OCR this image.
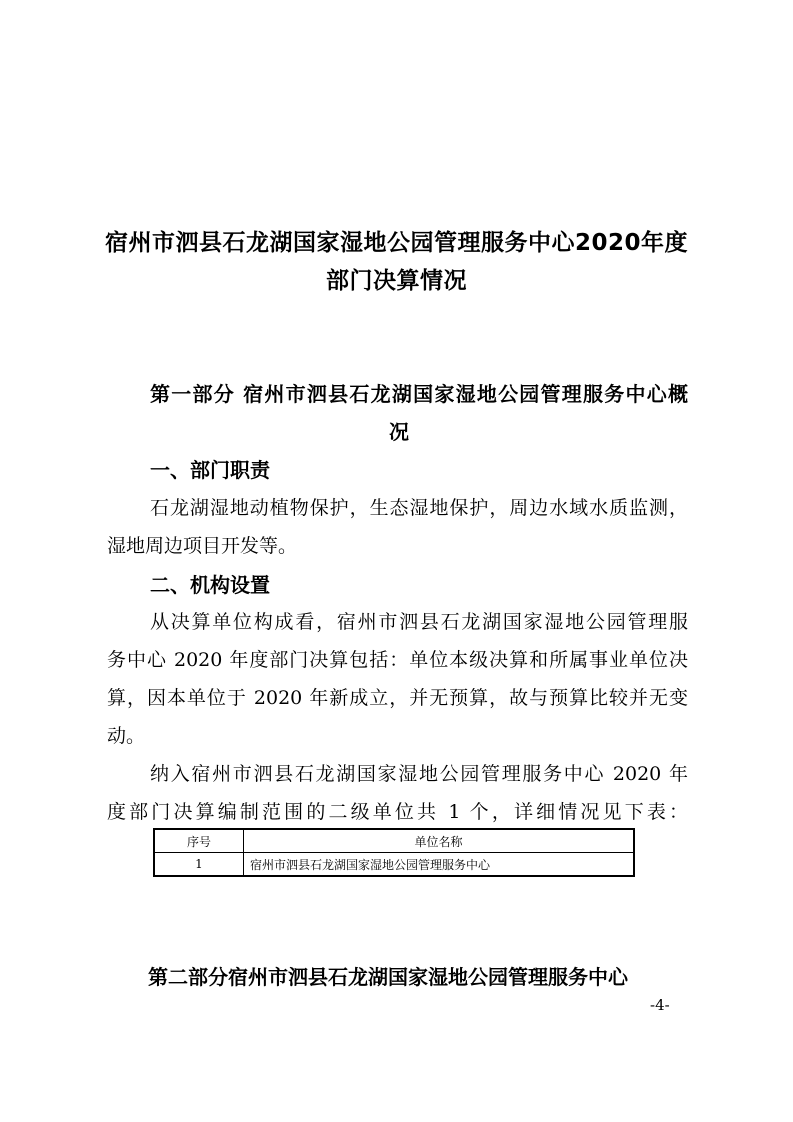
宿州市泗县石龙湖国家湿地公园管理服务中心2020年度
部门决算情况
第一部分 宿州市泗县石龙湖国家湿地公园管理服务中心概
况
一、部门职责

石龙湖湿地动植物保护，生态湿地保护，周边水域水质监测，

湿地周边项目开发等。

二、机构设置

从决算单位构成看，宿州市泗县石龙湖国家湿地公园管理服

务中心 2020 年度部门决算包括：单位本级决算和所属事业单位决

算，因本单位于 2020 年新成立，并无预算，故与预算比较并无变

动。

纳入宿州市泗县石龙湖国家湿地公园管理服务中心 2020 年

度部门决算编制范围的二级单位共 1 个，详细情况见下表：

序号	单位名称
1	宿州市泗县石龙湖国家湿地公园管理服务中心
第二部分宿州市泗县石龙湖国家湿地公园管理服务中心
-4-
